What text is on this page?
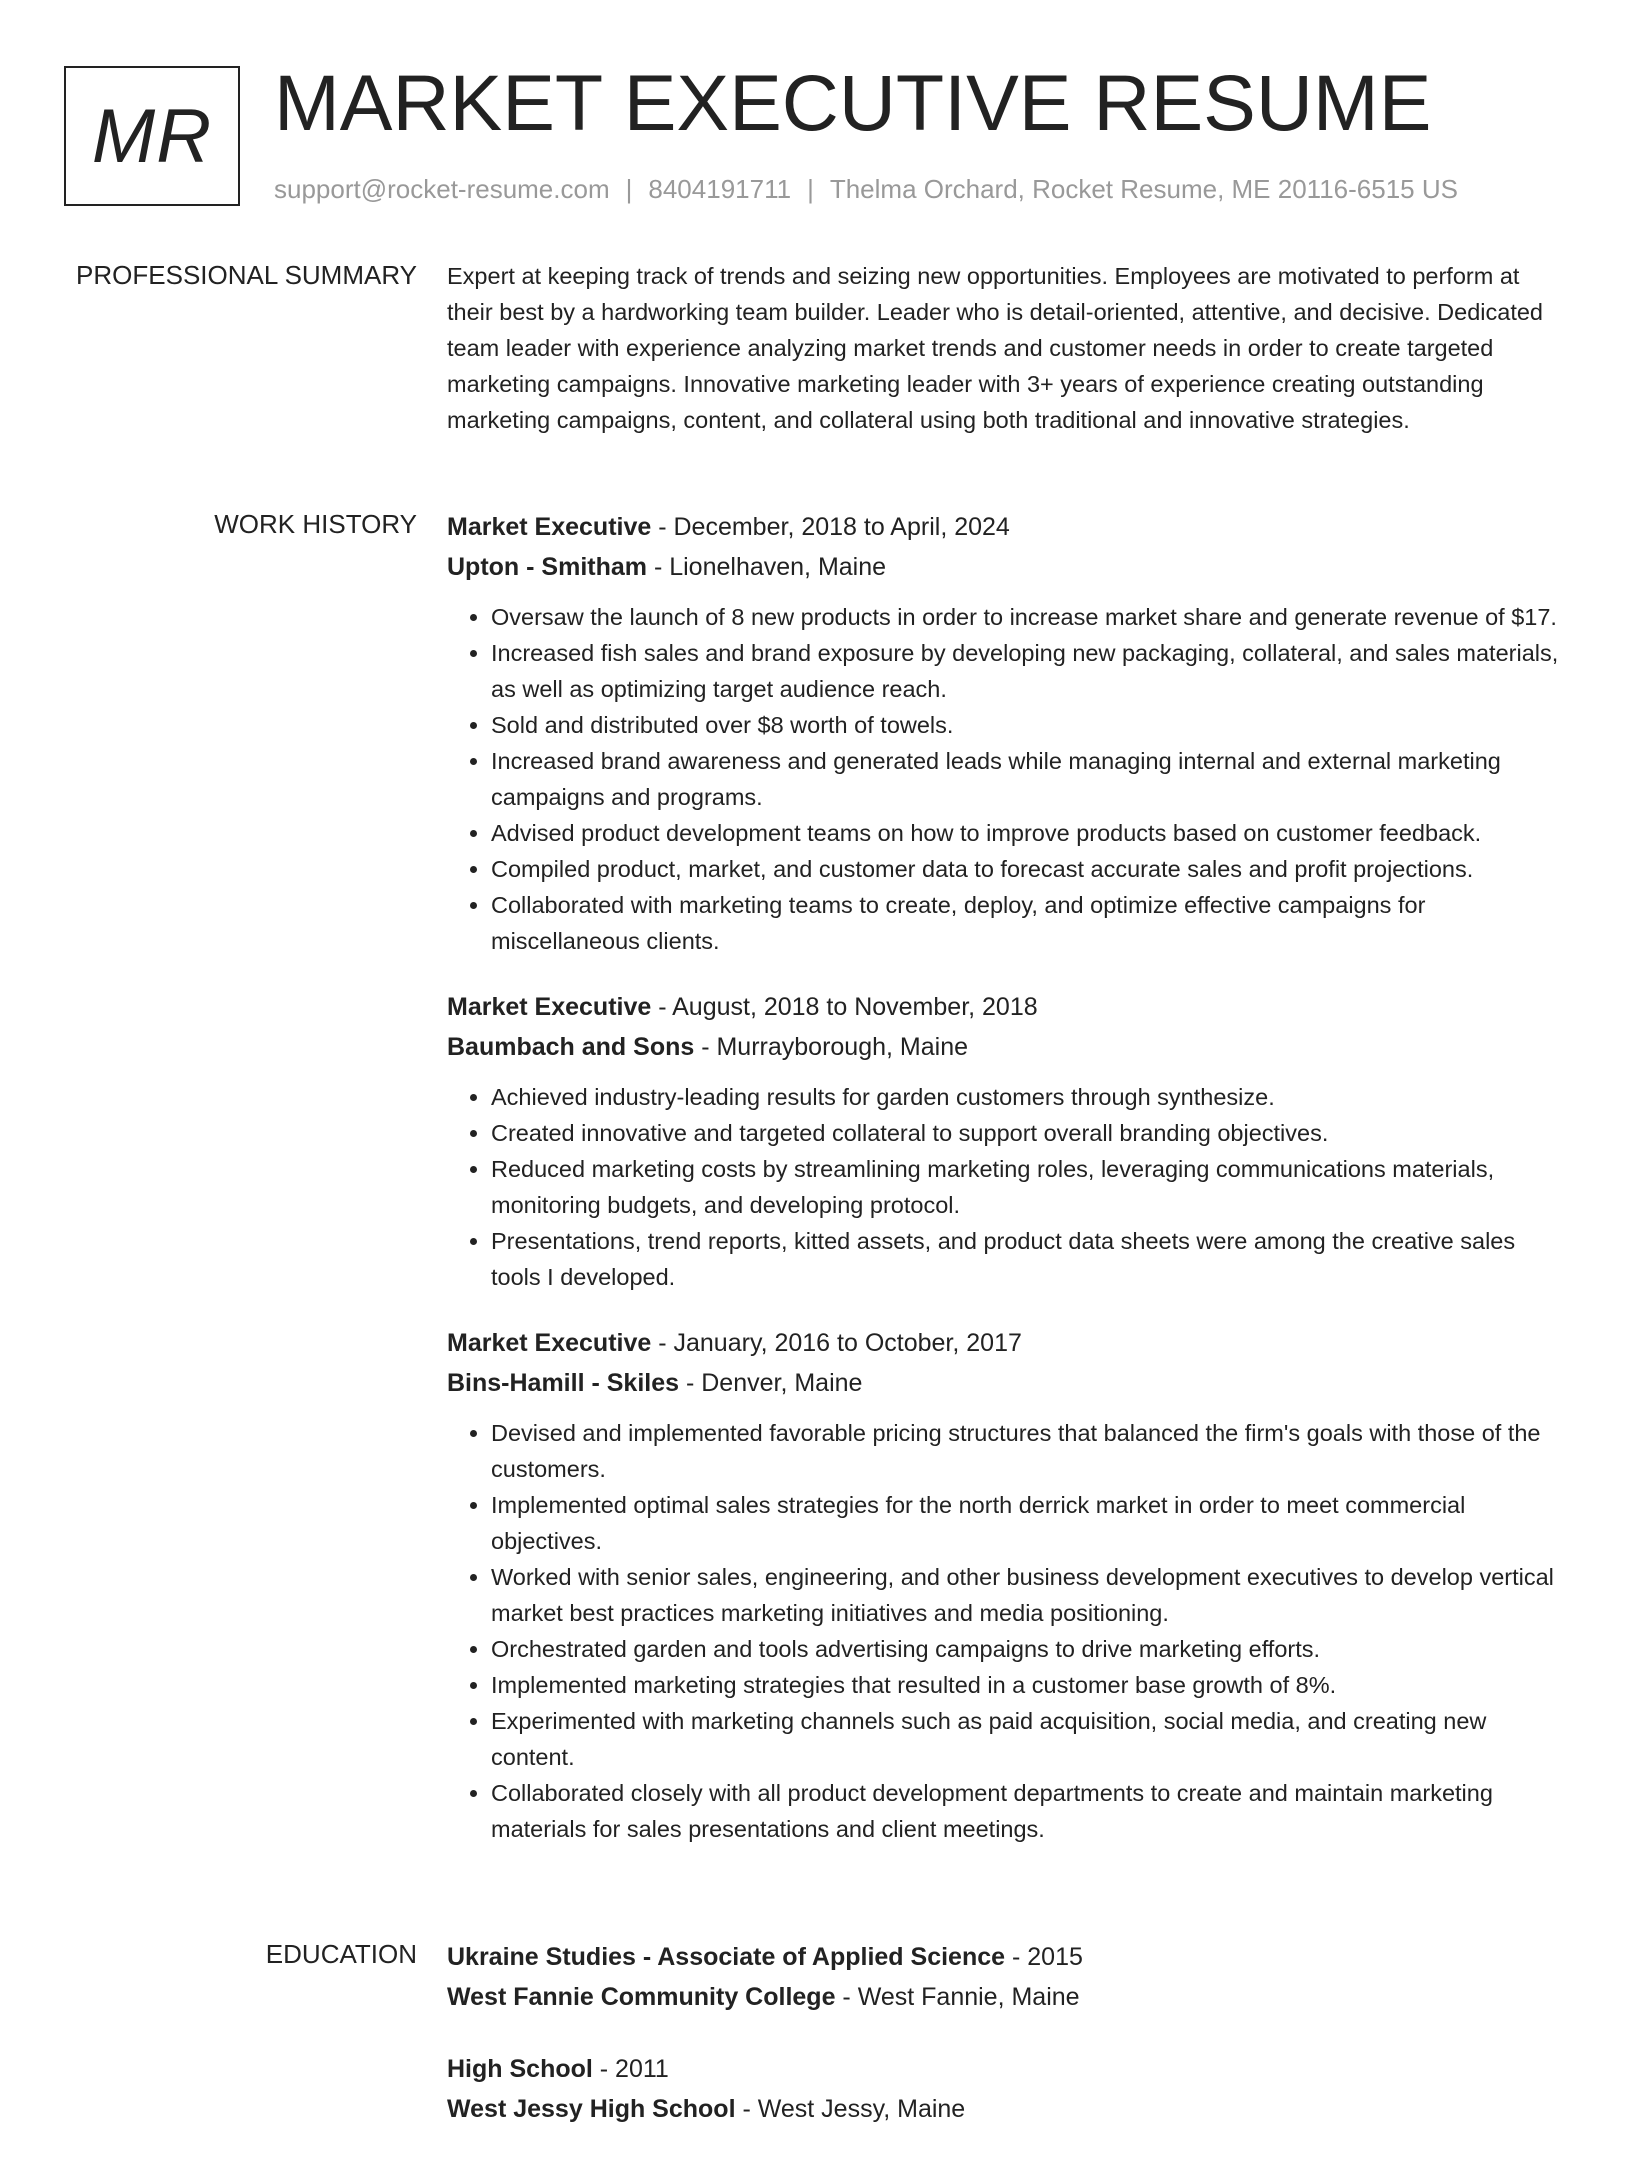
MR MARKET EXECUTIVE RESUME
support@rocket-resume.com | 8404191711 | Thelma Orchard, Rocket Resume, ME 20116-6515 US
PROFESSIONAL SUMMARY Expert at keeping track of trends and seizing new opportunities. Employees are motivated to perform at their best by a hardworking team builder. Leader who is detail-oriented, attentive, and decisive. Dedicated team leader with experience analyzing market trends and customer needs in order to create targeted marketing campaigns. Innovative marketing leader with 3+ years of experience creating outstanding marketing campaigns, content, and collateral using both traditional and innovative strategies.

WORK HISTORY Market Executive - December, 2018 to April, 2024
Upton - Smitham - Lionelhaven, Maine
• Oversaw the launch of 8 new products in order to increase market share and generate revenue of $17.
• Increased fish sales and brand exposure by developing new packaging, collateral, and sales materials, as well as optimizing target audience reach.
• Sold and distributed over $8 worth of towels.
• Increased brand awareness and generated leads while managing internal and external marketing campaigns and programs.
• Advised product development teams on how to improve products based on customer feedback.
• Compiled product, market, and customer data to forecast accurate sales and profit projections.
• Collaborated with marketing teams to create, deploy, and optimize effective campaigns for miscellaneous clients.
Market Executive - August, 2018 to November, 2018
Baumbach and Sons - Murrayborough, Maine
• Achieved industry-leading results for garden customers through synthesize.
• Created innovative and targeted collateral to support overall branding objectives.
• Reduced marketing costs by streamlining marketing roles, leveraging communications materials, monitoring budgets, and developing protocol.
• Presentations, trend reports, kitted assets, and product data sheets were among the creative sales tools I developed.
Market Executive - January, 2016 to October, 2017
Bins-Hamill - Skiles - Denver, Maine
• Devised and implemented favorable pricing structures that balanced the firm's goals with those of the customers.
• Implemented optimal sales strategies for the north derrick market in order to meet commercial objectives.
• Worked with senior sales, engineering, and other business development executives to develop vertical market best practices marketing initiatives and media positioning.
• Orchestrated garden and tools advertising campaigns to drive marketing efforts.
• Implemented marketing strategies that resulted in a customer base growth of 8%.
• Experimented with marketing channels such as paid acquisition, social media, and creating new content.
• Collaborated closely with all product development departments to create and maintain marketing materials for sales presentations and client meetings.
EDUCATION Ukraine Studies - Associate of Applied Science - 2015
West Fannie Community College - West Fannie, Maine
High School - 2011
West Jessy High School - West Jessy, Maine
